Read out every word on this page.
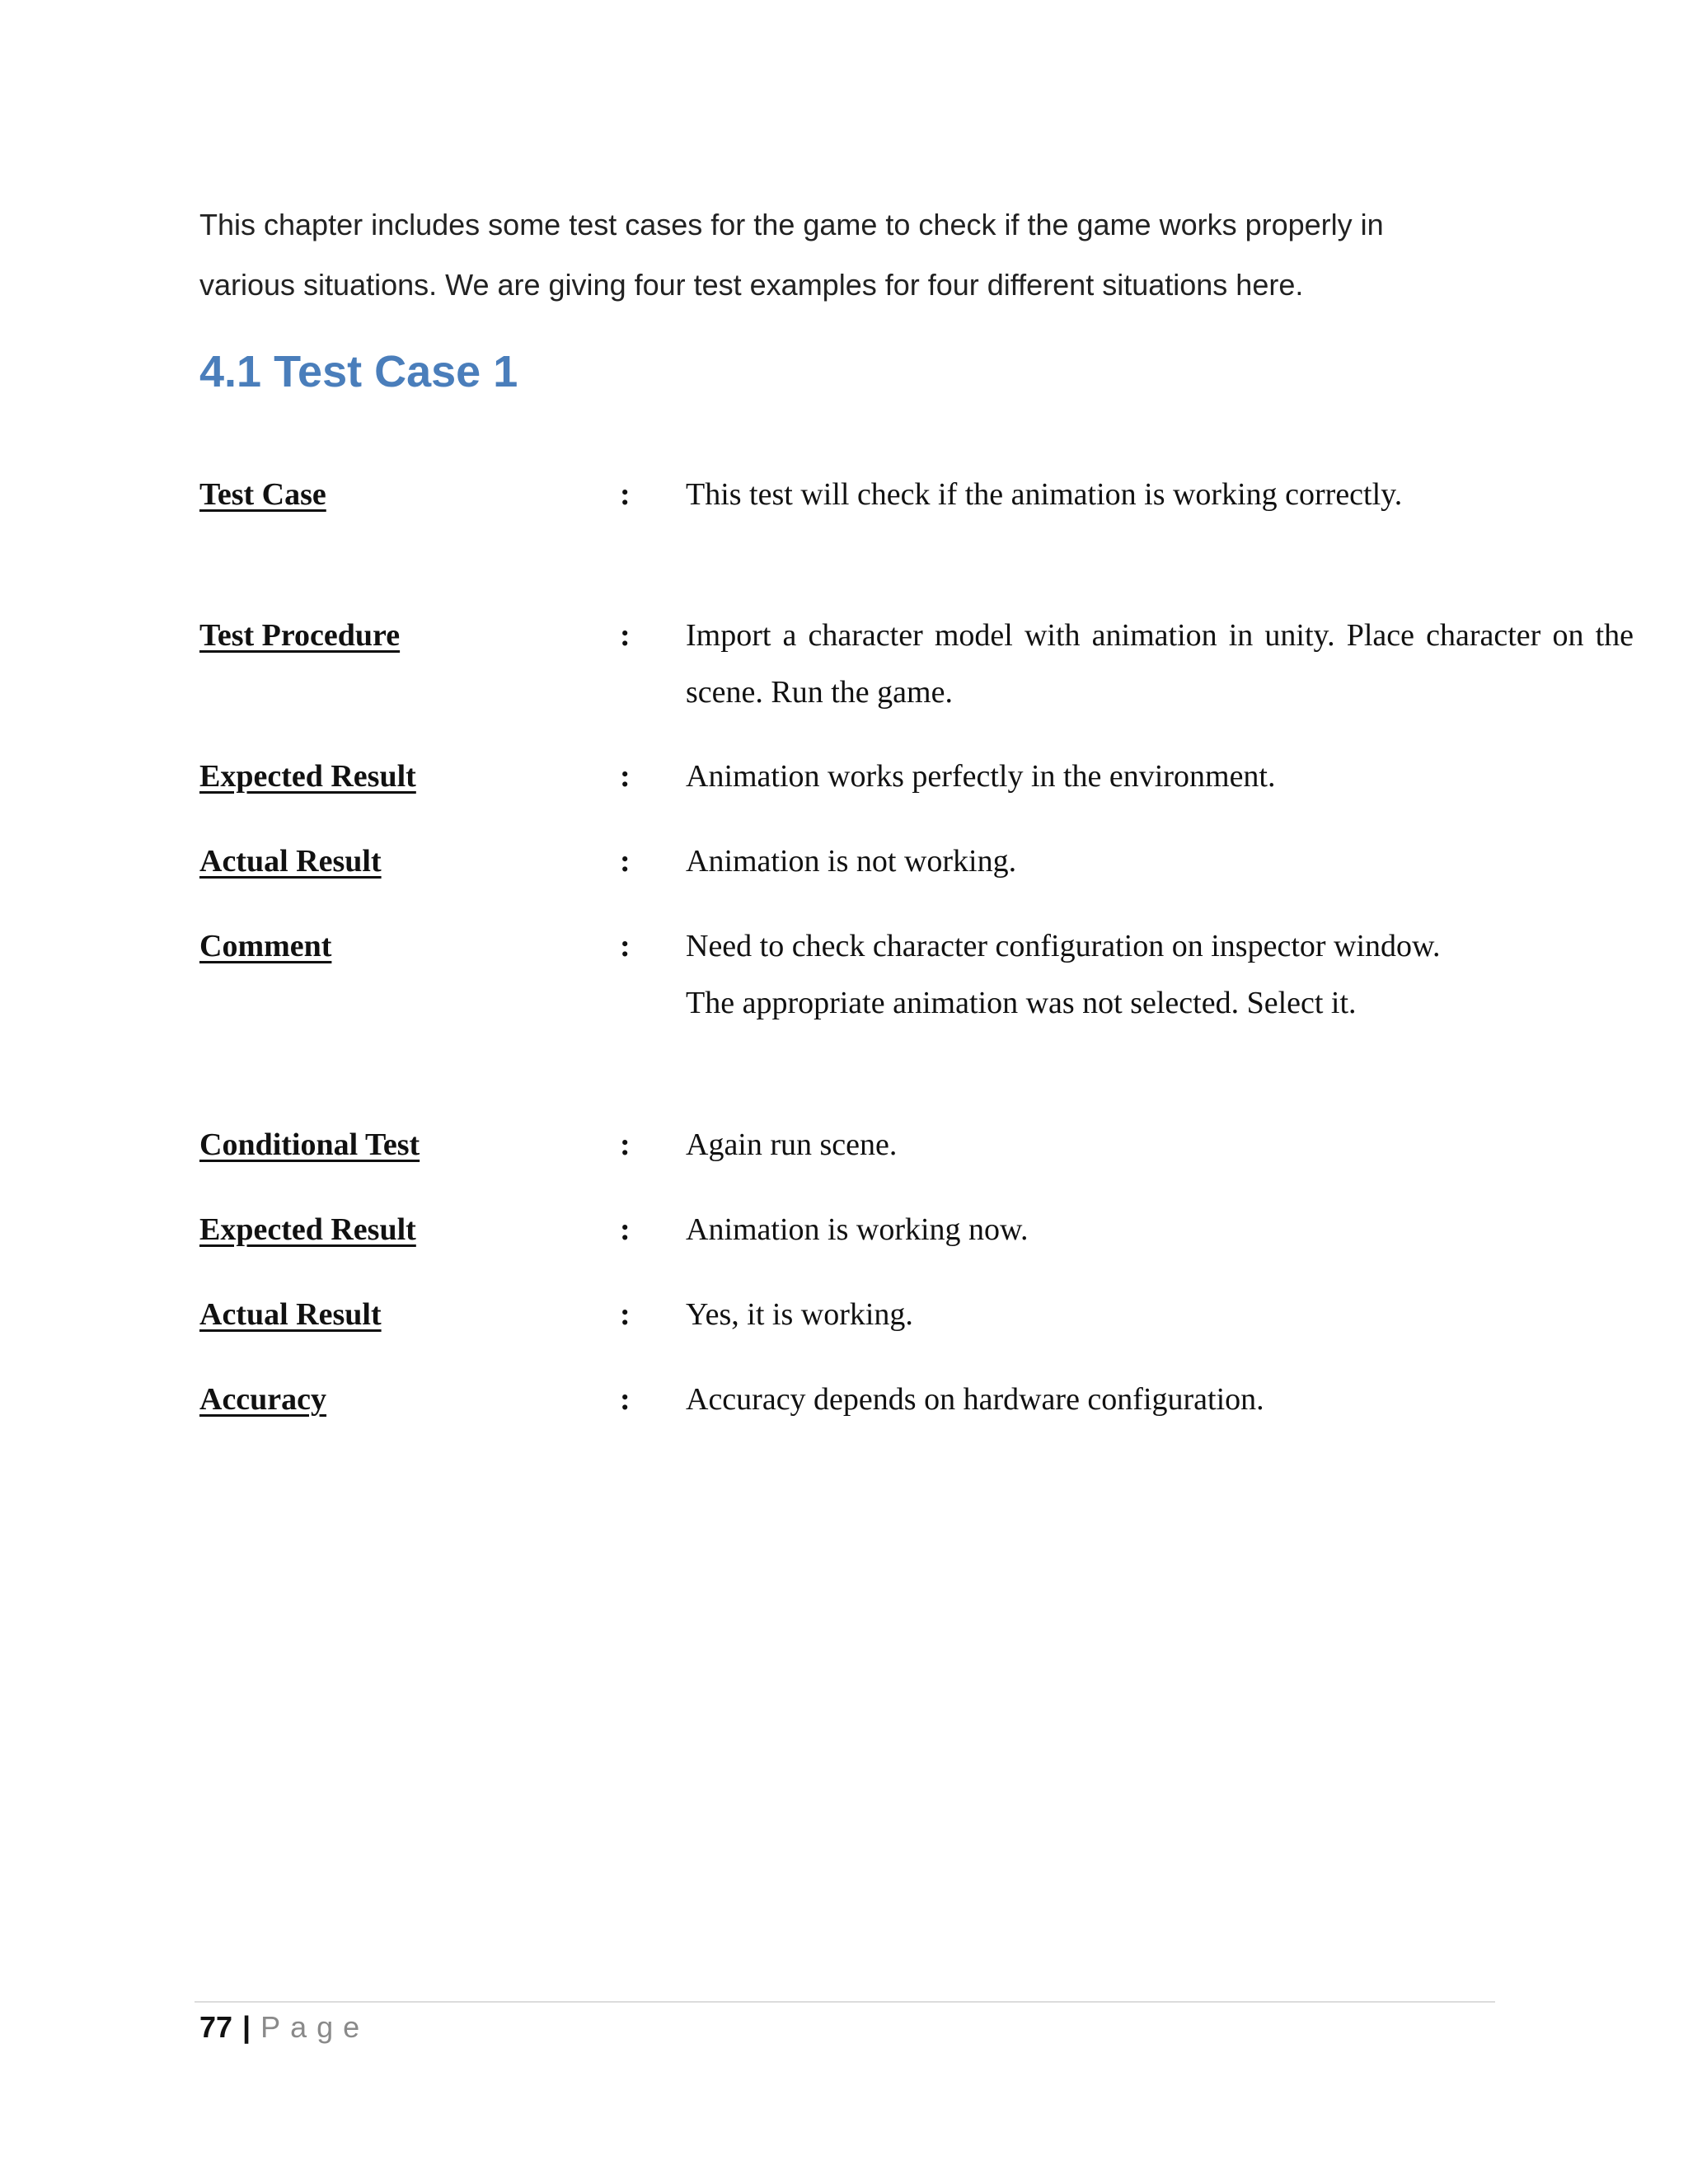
This chapter includes some test cases for the game to check if the game works properly in

various situations. We are giving four test examples for four different situations here.

4.1 Test Case 1
Test Case	: This test will check if the animation is working correctly.
Test Procedure	: Import a character model with animation in unity. Place character on the scene. Run the game.
Expected Result	: Animation works perfectly in the environment.
Actual Result	: Animation is not working.
Comment	: Need to check character configuration on inspector window. The appropriate animation was not selected. Select it.
Conditional Test	: Again run scene.
Expected Result	: Animation is working now.
Actual Result	: Yes, it is working.
Accuracy	: Accuracy depends on hardware configuration.
77 | Page
